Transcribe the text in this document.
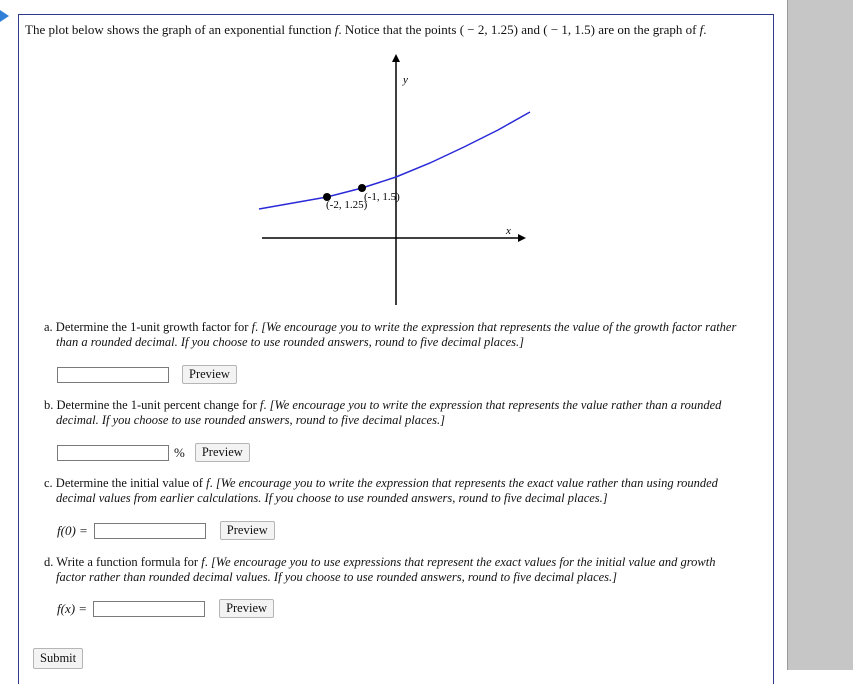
The plot below shows the graph of an exponential function f. Notice that the points ( − 2, 1.25) and ( − 1, 1.5) are on the graph of f.
y
x
(-1, 1.5)
(-2, 1.25)
a. Determine the 1-unit growth factor for f. [We encourage you to write the expression that represents the value of the growth factor rather
than a rounded decimal. If you choose to use rounded answers, round to five decimal places.]
Preview
b. Determine the 1-unit percent change for f. [We encourage you to write the expression that represents the value rather than a rounded
decimal. If you choose to use rounded answers, round to five decimal places.]
%	Preview
c. Determine the initial value of f. [We encourage you to write the expression that represents the exact value rather than using rounded
decimal values from earlier calculations. If you choose to use rounded answers, round to five decimal places.]
f(0) =	Preview
d. Write a function formula for f. [We encourage you to use expressions that represent the exact values for the initial value and growth
factor rather than rounded decimal values. If you choose to use rounded answers, round to five decimal places.]
f(x) =	Preview
Submit
